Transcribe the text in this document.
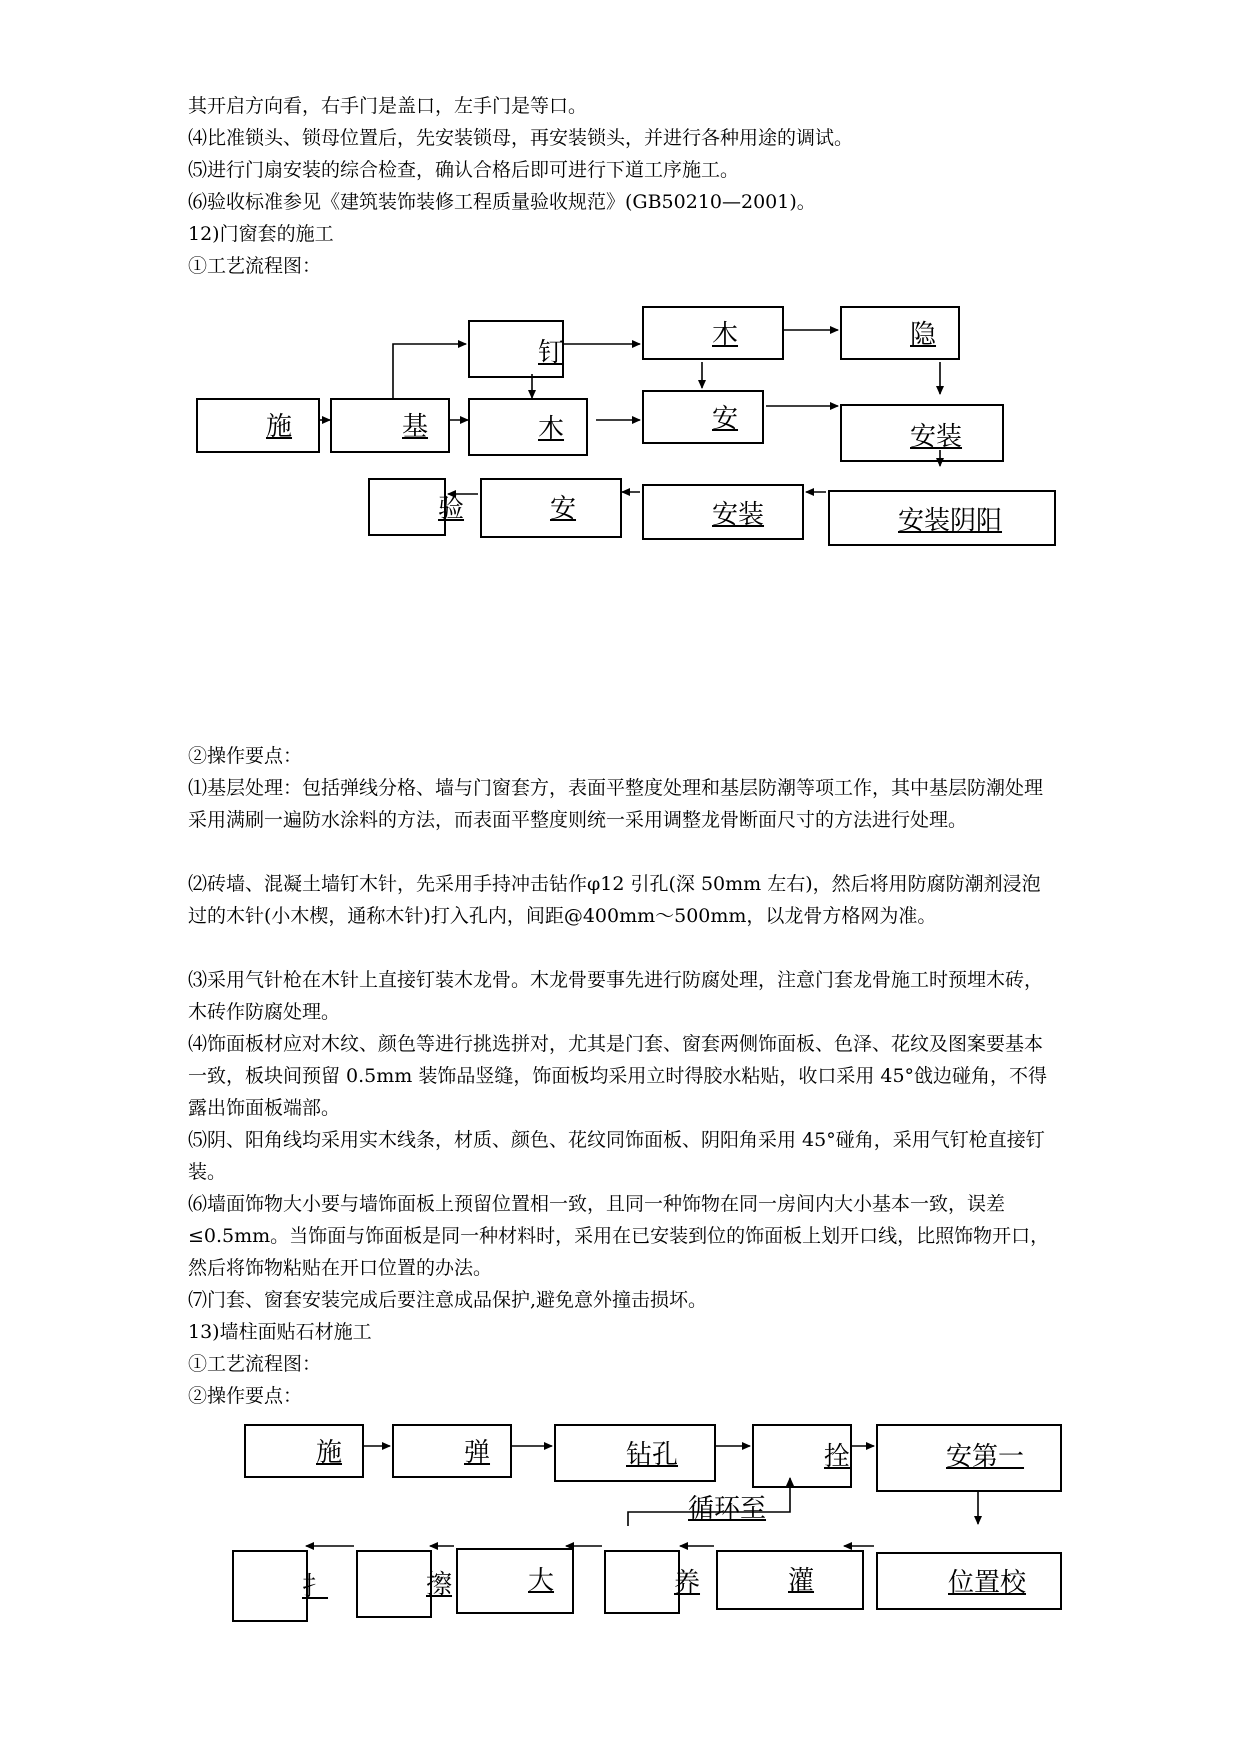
其开启方向看，右手门是盖口，左手门是等口。
⑷比准锁头、锁母位置后，先安装锁母，再安装锁头，并进行各种用途的调试。
⑸进行门扇安装的综合检查，确认合格后即可进行下道工序施工。
⑹验收标准参见《建筑装饰装修工程质量验收规范》(GB50210—2001)。
12)门窗套的施工
①工艺流程图：
施	基
钉
木
木
安
隐
安装
安装阴阳
安装
安
验
②操作要点：
⑴基层处理：包括弹线分格、墙与门窗套方，表面平整度处理和基层防潮等项工作，其中基层防潮处理采用满刷一遍防水涂料的方法，而表面平整度则统一采用调整龙骨断面尺寸的方法进行处理。
⑵砖墙、混凝土墙钉木针，先采用手持冲击钻作φ12 引孔(深 50mm 左右)，然后将用防腐防潮剂浸泡过的木针(小木楔，通称木针)打入孔内，间距@400mm～500mm，以龙骨方格网为准。
⑶采用气针枪在木针上直接钉装木龙骨。木龙骨要事先进行防腐处理，注意门套龙骨施工时预埋木砖，木砖作防腐处理。
⑷饰面板材应对木纹、颜色等进行挑选拼对，尤其是门套、窗套两侧饰面板、色泽、花纹及图案要基本一致，板块间预留 0.5mm 装饰品竖缝，饰面板均采用立时得胶水粘贴，收口采用 45°戗边碰角，不得露出饰面板端部。
⑸阴、阳角线均采用实木线条，材质、颜色、花纹同饰面板、阴阳角采用 45°碰角，采用气钉枪直接钉装。
⑹墙面饰物大小要与墙饰面板上预留位置相一致，且同一种饰物在同一房间内大小基本一致，误差≤0.5mm。当饰面与饰面板是同一种材料时，采用在已安装到位的饰面板上划开口线，比照饰物开口，然后将饰物粘贴在开口位置的办法。
⑺门套、窗套安装完成后要注意成品保护,避免意外撞击损坏。
13)墙柱面贴石材施工
①工艺流程图：
②操作要点：
施	弹	钻孔	拴	安第一
循环至
位置校
灌
养
大
擦
扌
